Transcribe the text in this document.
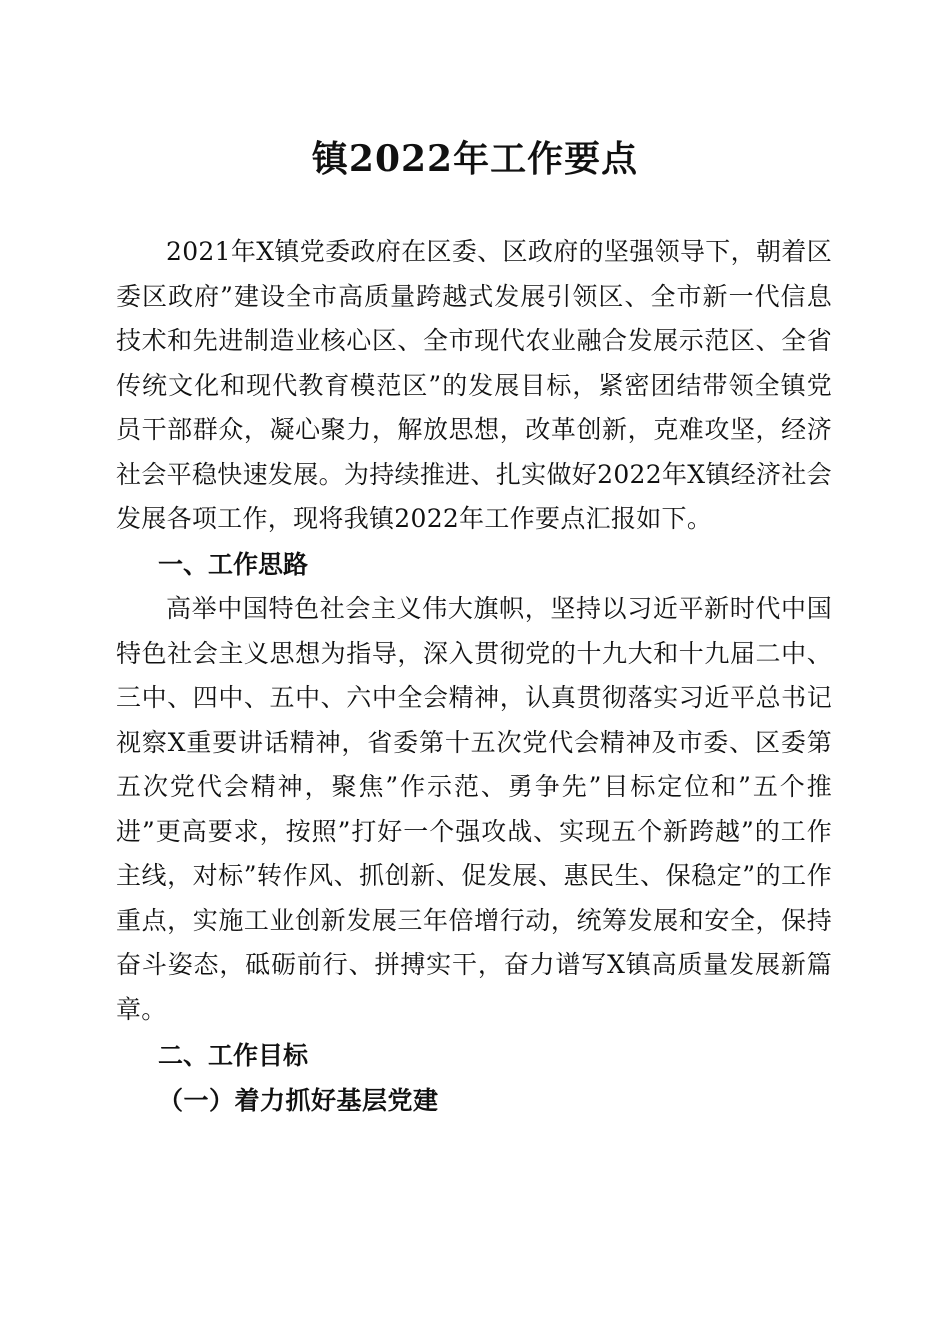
镇2022年工作要点

2021年X镇党委政府在区委、区政府的坚强领导下，朝着区委区政府”建设全市高质量跨越式发展引领区、全市新一代信息技术和先进制造业核心区、全市现代农业融合发展示范区、全省传统文化和现代教育模范区”的发展目标，紧密团结带领全镇党员干部群众，凝心聚力，解放思想，改革创新，克难攻坚，经济社会平稳快速发展。为持续推进、扎实做好2022年X镇经济社会发展各项工作，现将我镇2022年工作要点汇报如下。

一、工作思路

高举中国特色社会主义伟大旗帜，坚持以习近平新时代中国特色社会主义思想为指导，深入贯彻党的十九大和十九届二中、三中、四中、五中、六中全会精神，认真贯彻落实习近平总书记视察X重要讲话精神，省委第十五次党代会精神及市委、区委第五次党代会精神，聚焦”作示范、勇争先”目标定位和”五个推进”更高要求，按照”打好一个强攻战、实现五个新跨越”的工作主线，对标”转作风、抓创新、促发展、惠民生、保稳定”的工作重点，实施工业创新发展三年倍增行动，统筹发展和安全，保持奋斗姿态，砥砺前行、拼搏实干，奋力谱写X镇高质量发展新篇章。

二、工作目标
（一）着力抓好基层党建
